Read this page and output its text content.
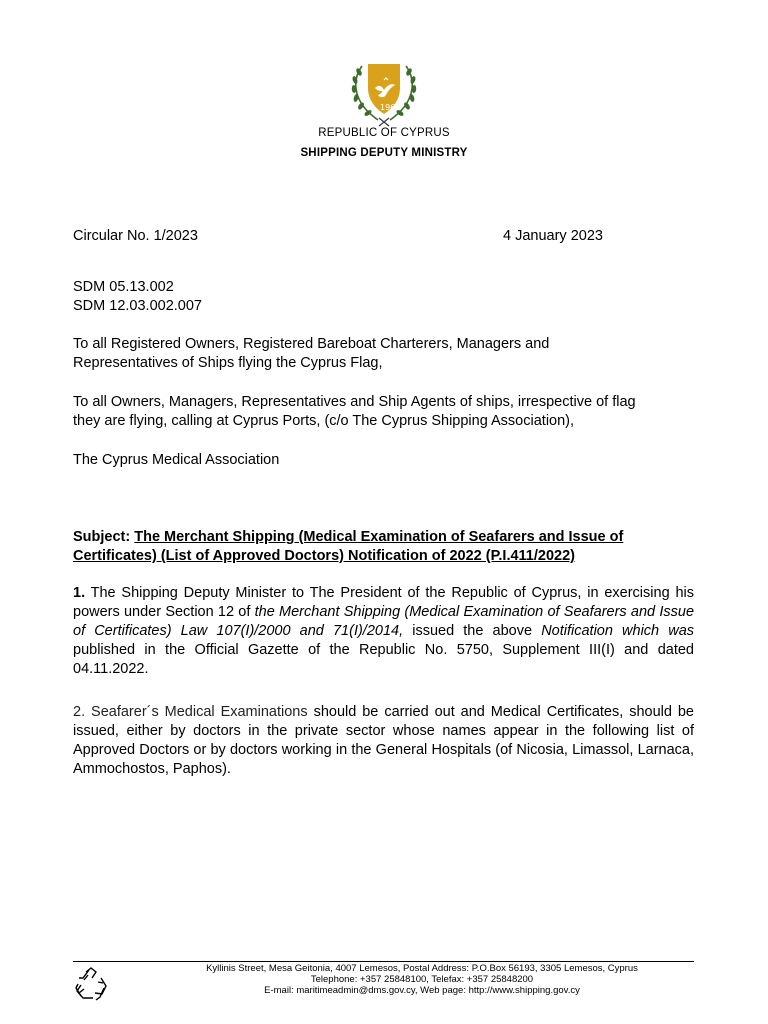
1960
REPUBLIC OF CYPRUS
SHIPPING DEPUTY MINISTRY
Circular No. 1/2023	4 January 2023
SDM 05.13.002
SDM 12.03.002.007
To all Registered Owners, Registered Bareboat Charterers, Managers and
Representatives of Ships flying the Cyprus Flag,
To all Owners, Managers, Representatives and Ship Agents of ships, irrespective of flag
they are flying, calling at Cyprus Ports, (c/o The Cyprus Shipping Association),
The Cyprus Medical Association
Subject: The Merchant Shipping (Medical Examination of Seafarers and Issue of Certificates) (List of Approved Doctors) Notification of 2022 (P.I.411/2022)
1. The Shipping Deputy Minister to The President of the Republic of Cyprus, in exercising his powers under Section 12 of the Merchant Shipping (Medical Examination of Seafarers and Issue of Certificates) Law 107(I)/2000 and 71(I)/2014, issued the above Notification which was published in the Official Gazette of the Republic No. 5750, Supplement III(I) and dated 04.11.2022.
2. Seafarer´s Medical Examinations should be carried out and Medical Certificates, should be issued, either by doctors in the private sector whose names appear in the following list of Approved Doctors or by doctors working in the General Hospitals (of Nicosia, Limassol, Larnaca, Ammochostos, Paphos).
Kyllinis Street, Mesa Geitonia, 4007 Lemesos, Postal Address: P.O.Box 56193, 3305 Lemesos, Cyprus
Telephone: +357 25848100, Telefax: +357 25848200
E-mail: maritimeadmin@dms.gov.cy, Web page: http://www.shipping.gov.cy
